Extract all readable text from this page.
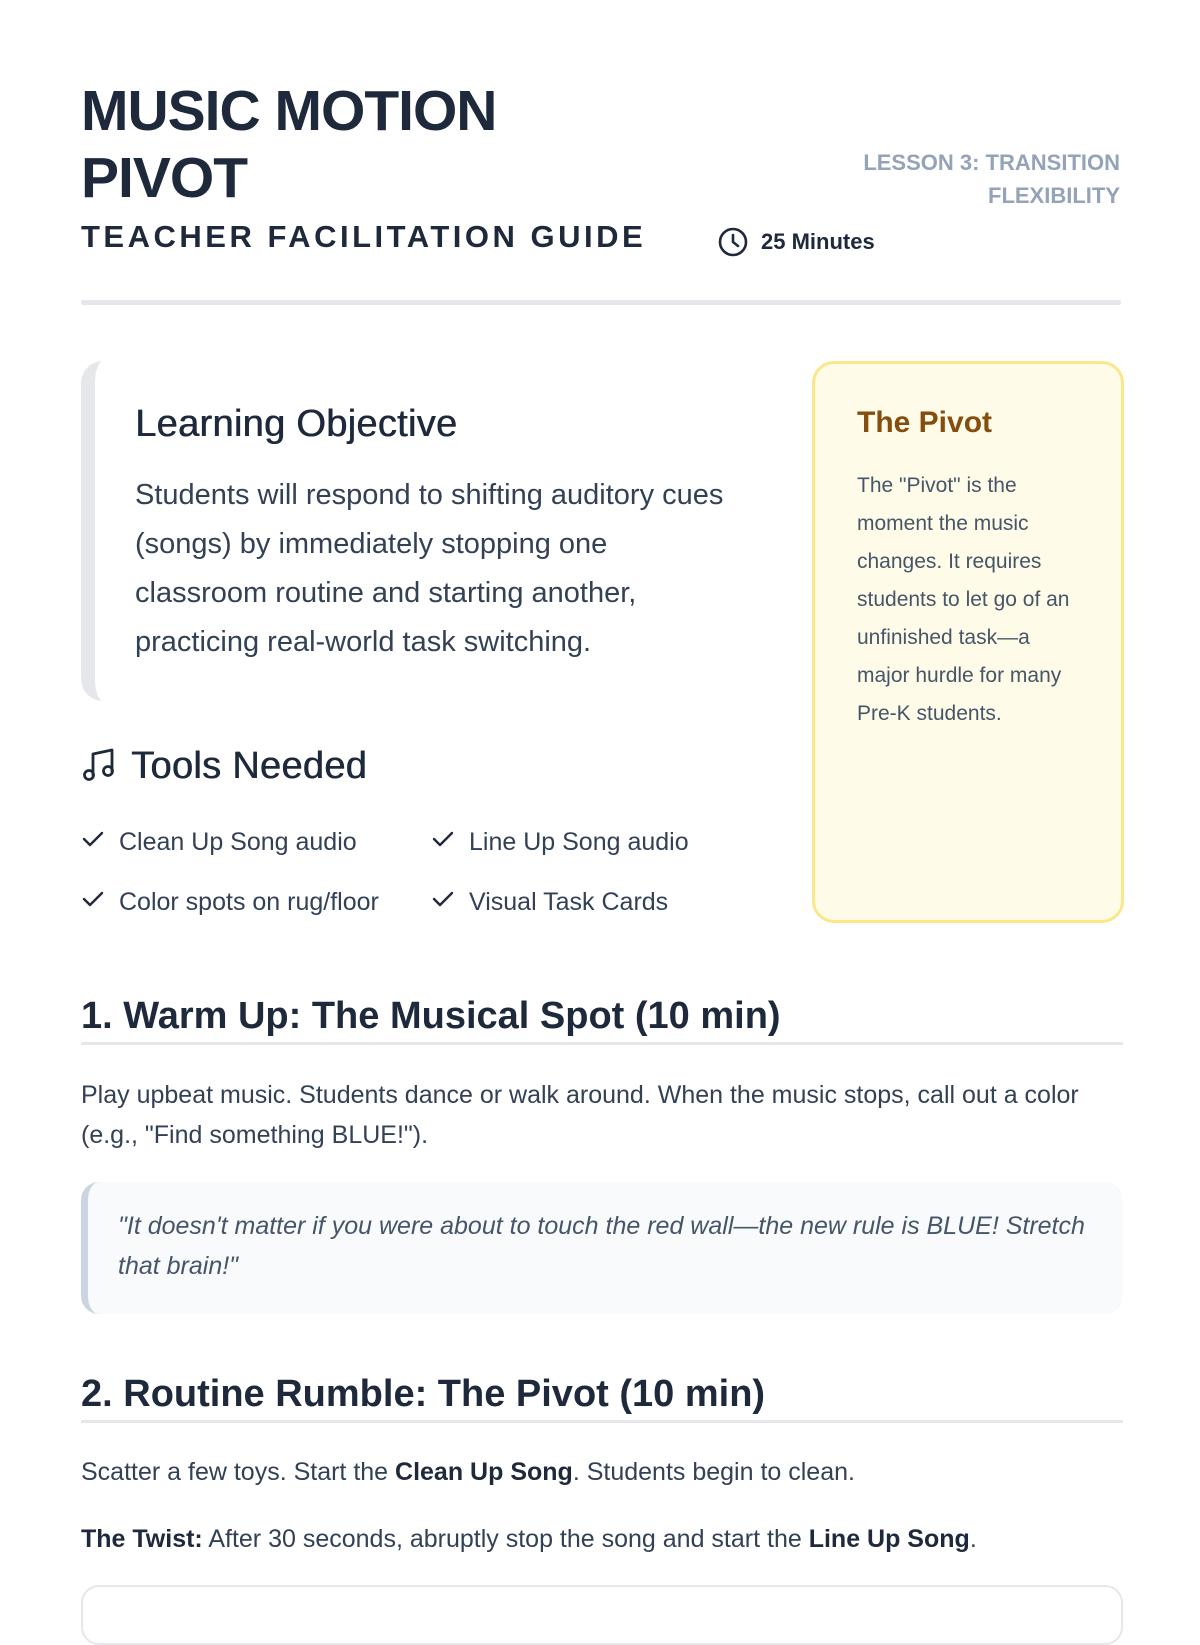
MUSIC MOTION PIVOT	LESSON 3: TRANSITION FLEXIBILITY
TEACHER FACILITATION GUIDE	25 Minutes
Learning Objective

Students will respond to shifting auditory cues (songs) by immediately stopping one classroom routine and starting another, practicing real-world task switching.

Tools Needed
Clean Up Song audio	Line Up Song audio
Color spots on rug/floor	Visual Task Cards
The Pivot

The "Pivot" is the moment the music changes. It requires students to let go of an unfinished task—a major hurdle for many Pre-K students.

1. Warm Up: The Musical Spot (10 min)

Play upbeat music. Students dance or walk around. When the music stops, call out a color (e.g., "Find something BLUE!").

"It doesn't matter if you were about to touch the red wall—the new rule is BLUE! Stretch that brain!"

2. Routine Rumble: The Pivot (10 min)

Scatter a few toys. Start the Clean Up Song. Students begin to clean.

The Twist: After 30 seconds, abruptly stop the song and start the Line Up Song.
